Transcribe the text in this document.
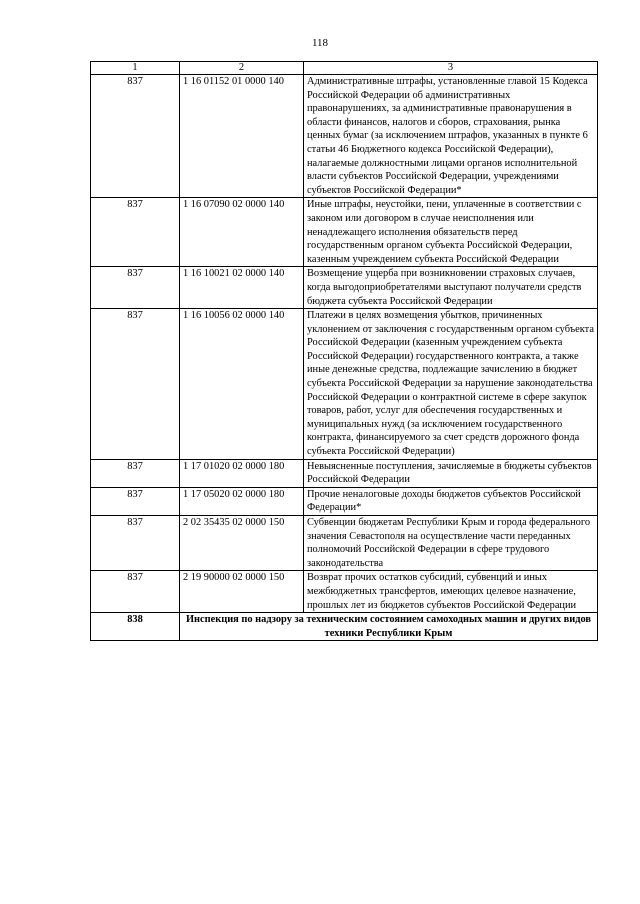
118
1	2	3
837	1 16 01152 01 0000 140	Административные штрафы, установленные главой 15 Кодекса Российской Федерации об административных правонарушениях, за административные правонарушения в области финансов, налогов и сборов, страхования, рынка ценных бумаг (за исключением штрафов, указанных в пункте 6 статьи 46 Бюджетного кодекса Российской Федерации), налагаемые должностными лицами органов исполнительной власти субъектов Российской Федерации, учреждениями субъектов Российской Федерации*
837	1 16 07090 02 0000 140	Иные штрафы, неустойки, пени, уплаченные в соответствии с законом или договором в случае неисполнения или ненадлежащего исполнения обязательств перед государственным органом субъекта Российской Федерации, казенным учреждением субъекта Российской Федерации
837	1 16 10021 02 0000 140	Возмещение ущерба при возникновении страховых случаев, когда выгодоприобретателями выступают получатели средств бюджета субъекта Российской Федерации
837	1 16 10056 02 0000 140	Платежи в целях возмещения убытков, причиненных уклонением от заключения с государственным органом субъекта Российской Федерации (казенным учреждением субъекта Российской Федерации) государственного контракта, а также иные денежные средства, подлежащие зачислению в бюджет субъекта Российской Федерации за нарушение законодательства Российской Федерации о контрактной системе в сфере закупок товаров, работ, услуг для обеспечения государственных и муниципальных нужд (за исключением государственного контракта, финансируемого за счет средств дорожного фонда субъекта Российской Федерации)
837	1 17 01020 02 0000 180	Невыясненные поступления, зачисляемые в бюджеты субъектов Российской Федерации
837	1 17 05020 02 0000 180	Прочие неналоговые доходы бюджетов субъектов Российской Федерации*
837	2 02 35435 02 0000 150	Субвенции бюджетам Республики Крым и города федерального значения Севастополя на осуществление части переданных полномочий Российской Федерации в сфере трудового законодательства
837	2 19 90000 02 0000 150	Возврат прочих остатков субсидий, субвенций и иных межбюджетных трансфертов, имеющих целевое назначение, прошлых лет из бюджетов субъектов Российской Федерации
838	Инспекция по надзору за техническим состоянием самоходных машин и других видов техники Республики Крым	
